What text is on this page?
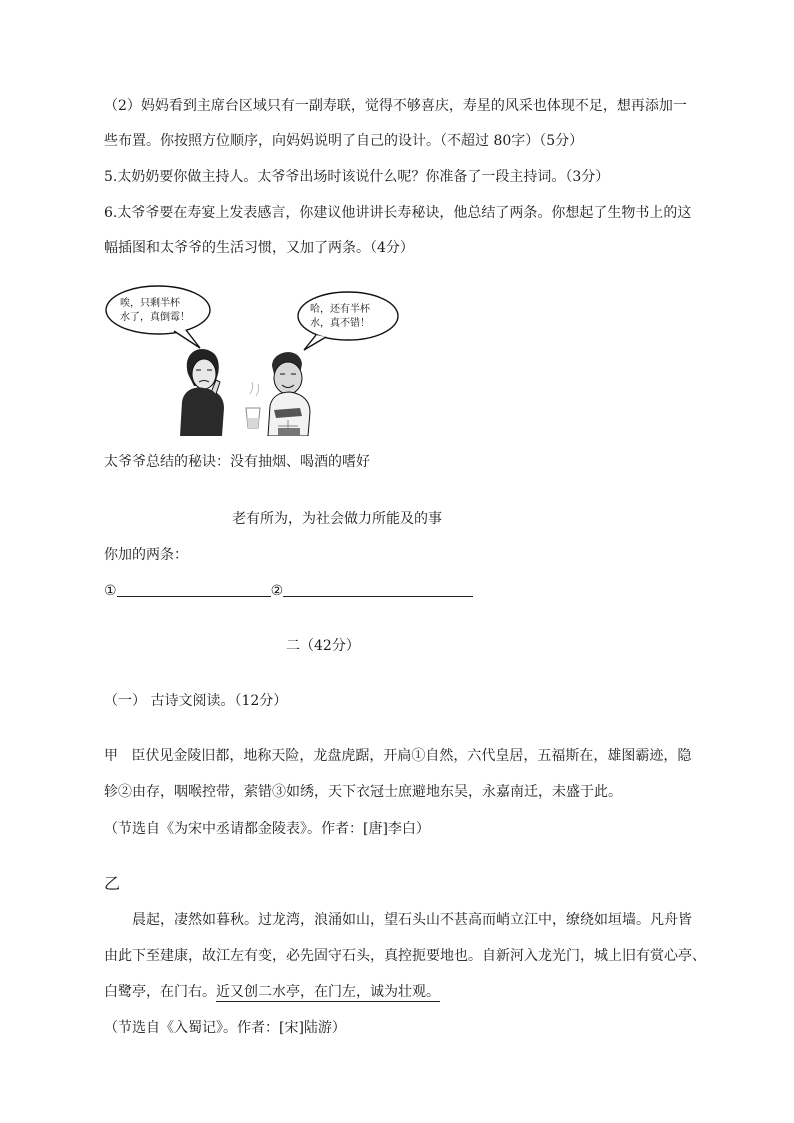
（2）妈妈看到主席台区域只有一副寿联，觉得不够喜庆，寿星的风采也体现不足，想再添加一
些布置。你按照方位顺序，向妈妈说明了自己的设计。（不超过 80字）（5分）
5.太奶奶要你做主持人。太爷爷出场时该说什么呢？你准备了一段主持词。（3分）
6.太爷爷要在寿宴上发表感言，你建议他讲讲长寿秘诀，他总结了两条。你想起了生物书上的这
幅插图和太爷爷的生活习惯，又加了两条。（4分）
唉，只剩半杯
水了，真倒霉！
哈，还有半杯
水，真不错！
太爷爷总结的秘诀：没有抽烟、喝酒的嗜好
老有所为，为社会做力所能及的事
你加的两条：
①	②
二（42分）
（一） 古诗文阅读。（12分）
甲 臣伏见金陵旧都，地称天险，龙盘虎踞，开扃①自然，六代皇居，五福斯在，雄图霸迹，隐
轸②由存，咽喉控带，萦错③如绣，天下衣冠士庶避地东吴，永嘉南迁，未盛于此。
（节选自《为宋中丞请都金陵表》。作者：[唐]李白）
乙
晨起，凄然如暮秋。过龙湾，浪涌如山，望石头山不甚高而峭立江中，缭绕如垣墙。凡舟皆
由此下至建康，故江左有变，必先固守石头，真控扼要地也。自新河入龙光门，城上旧有赏心亭、
白鹭亭，在门右。近又创二水亭，在门左，诚为壮观。
（节选自《入蜀记》。作者：[宋]陆游）
